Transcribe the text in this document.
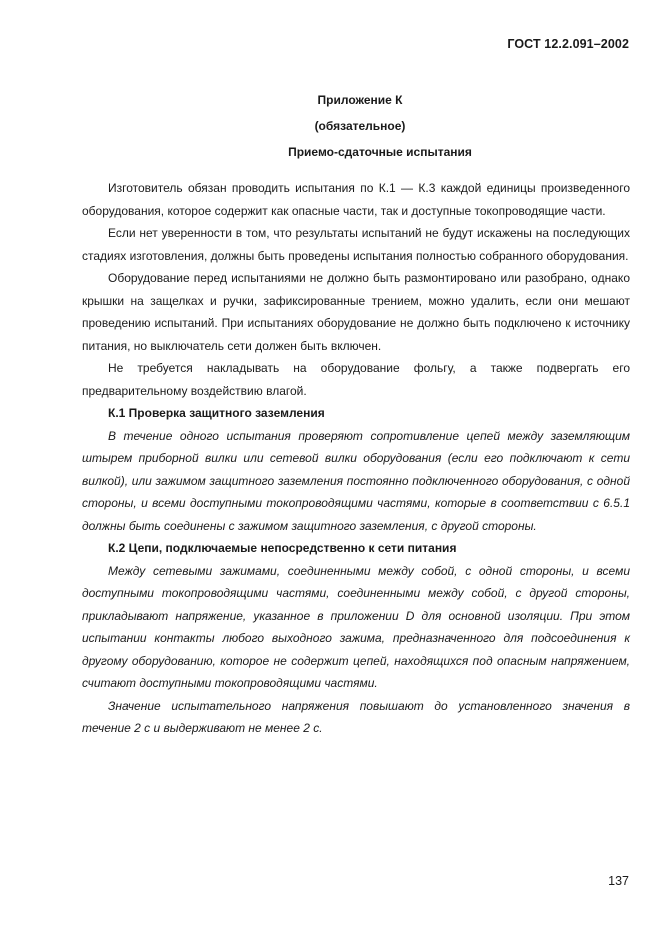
ГОСТ 12.2.091–2002
Приложение К
(обязательное)
Приемо-сдаточные испытания

Изготовитель обязан проводить испытания по К.1 — К.3 каждой единицы произведенного оборудования, которое содержит как опасные части, так и доступные токопроводящие части.

Если нет уверенности в том, что результаты испытаний не будут искажены на последующих стадиях изготовления, должны быть проведены испытания полностью собранного оборудования.

Оборудование перед испытаниями не должно быть размонтировано или разобрано, однако крышки на защелках и ручки, зафиксированные трением, можно удалить, если они мешают проведению испытаний. При испытаниях оборудование не должно быть подключено к источнику питания, но выключатель сети должен быть включен.

Не требуется накладывать на оборудование фольгу, а также подвергать его предварительному воздействию влагой.

К.1 Проверка защитного заземления

В течение одного испытания проверяют сопротивление цепей между заземляющим штырем приборной вилки или сетевой вилки оборудования (если его подключают к сети вилкой), или зажимом защитного заземления постоянно подключенного оборудования, с одной стороны, и всеми доступными токопроводящими частями, которые в соответствии с 6.5.1 должны быть соединены с зажимом защитного заземления, с другой стороны.

К.2 Цепи, подключаемые непосредственно к сети питания

Между сетевыми зажимами, соединенными между собой, с одной стороны, и всеми доступными токопроводящими частями, соединенными между собой, с другой стороны, прикладывают напряжение, указанное в приложении D для основной изоляции. При этом испытании контакты любого выходного зажима, предназначенного для подсоединения к другому оборудованию, которое не содержит цепей, находящихся под опасным напряжением, считают доступными токопроводящими частями.

Значение испытательного напряжения повышают до установленного значения в течение 2 с и выдерживают не менее 2 с.

137
